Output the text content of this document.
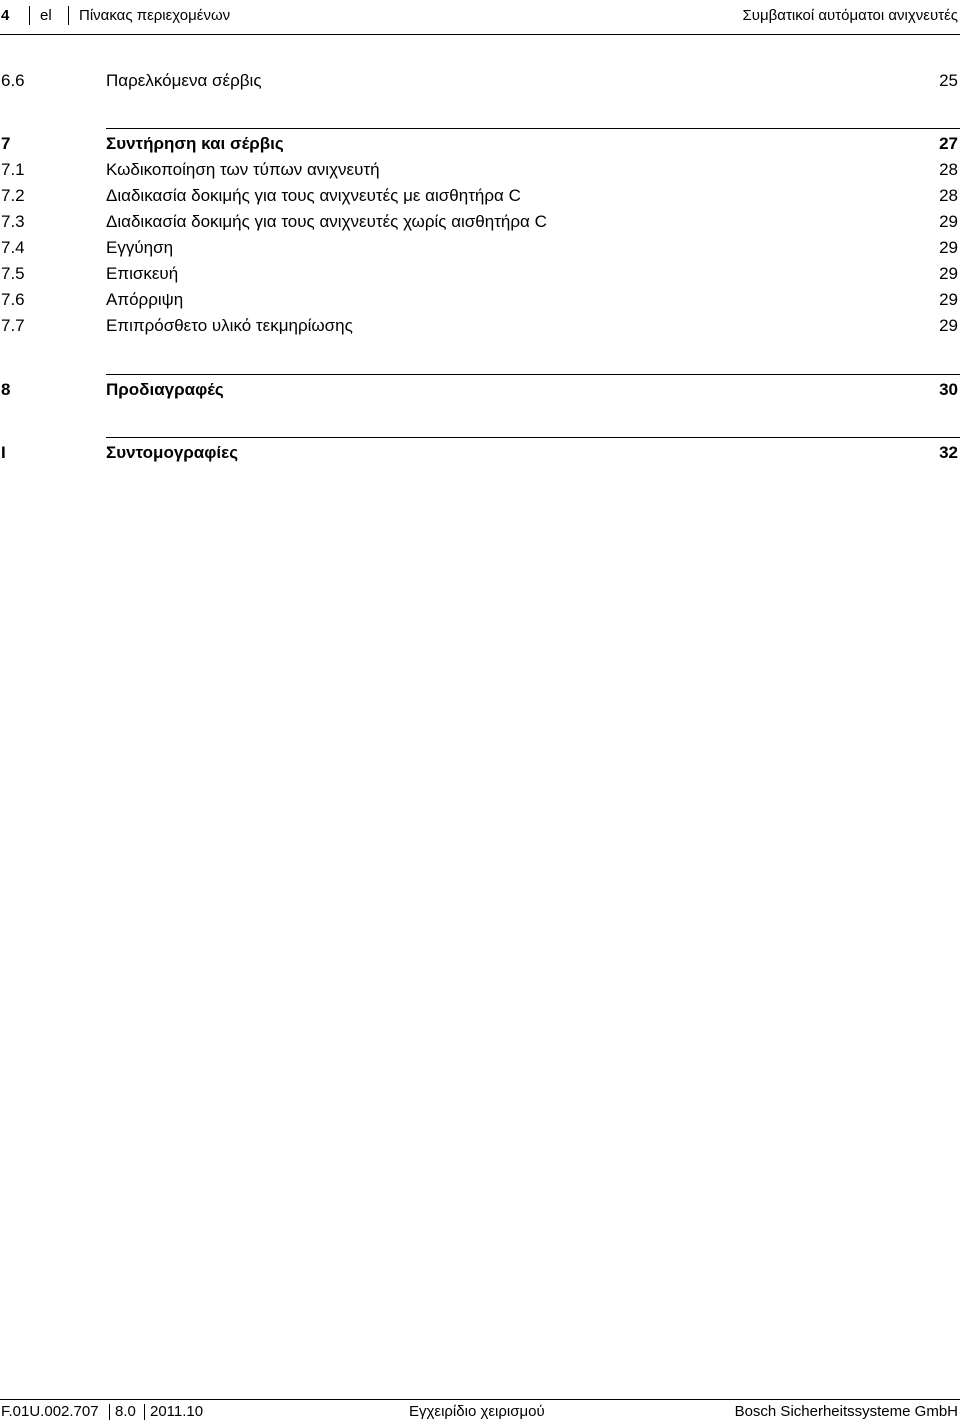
4 el Πίνακας περιεχομένων	Συμβατικοί αυτόματοι ανιχνευτές
6.6	Παρελκόμενα σέρβις	25
7	Συντήρηση και σέρβις	27
7.1	Κωδικοποίηση των τύπων ανιχνευτή	28
7.2	Διαδικασία δοκιμής για τους ανιχνευτές με αισθητήρα C	28
7.3	Διαδικασία δοκιμής για τους ανιχνευτές χωρίς αισθητήρα C	29
7.4	Εγγύηση	29
7.5	Επισκευή	29
7.6	Απόρριψη	29
7.7	Επιπρόσθετο υλικό τεκμηρίωσης	29
8	Προδιαγραφές	30
I	Συντομογραφίες	32
F.01U.002.707 8.0 2011.10	Εγχειρίδιο χειρισμού	Bosch Sicherheitssysteme GmbH
